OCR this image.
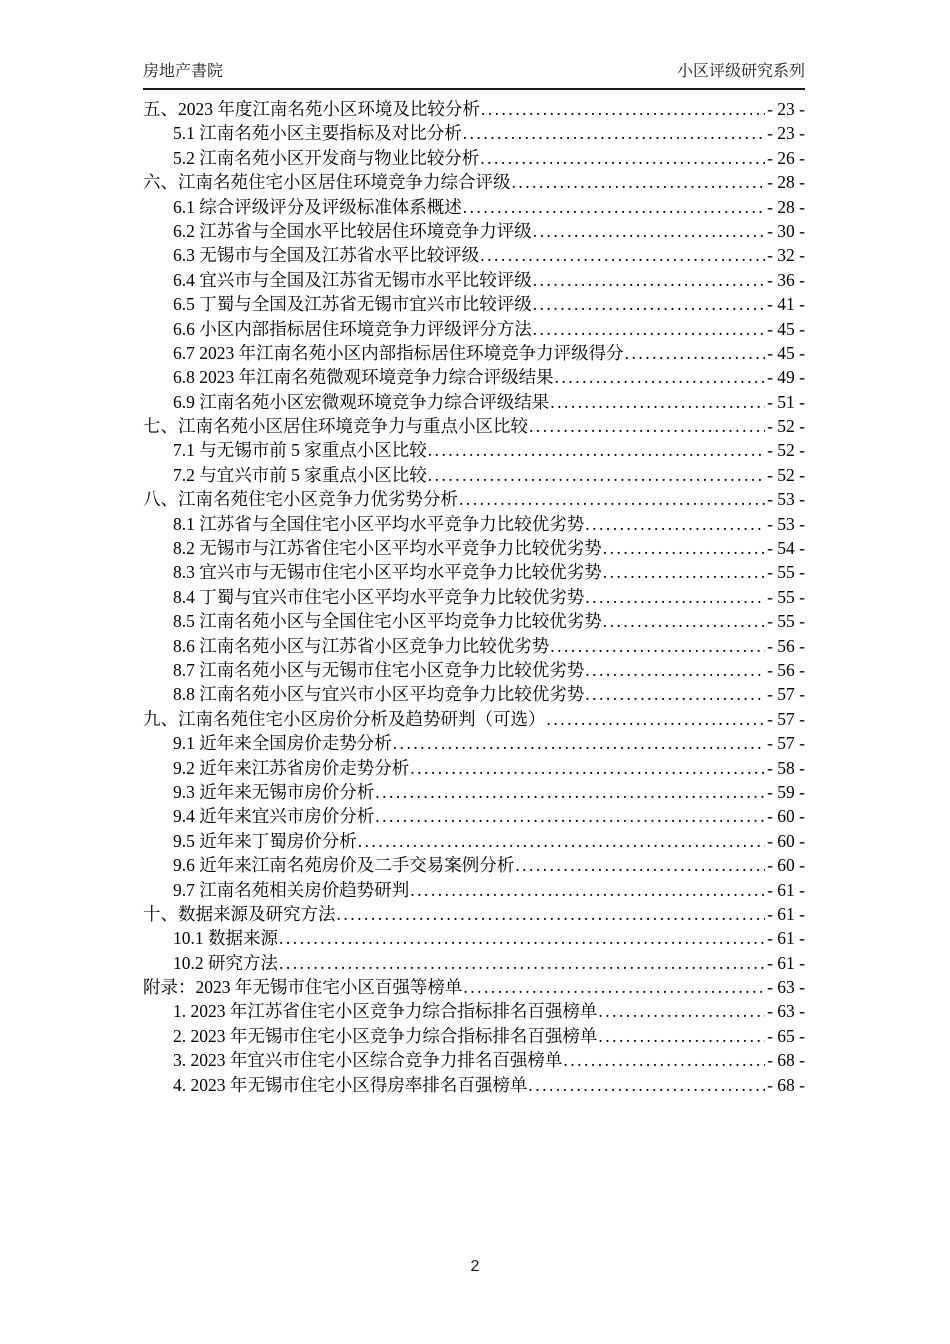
房地产書院	小区评级研究系列
五、2023 年度江南名苑小区环境及比较分析 .....	- 23 -
5.1 江南名苑小区主要指标及对比分析 .....	- 23 -
5.2 江南名苑小区开发商与物业比较分析 .....	- 26 -
六、江南名苑住宅小区居住环境竞争力综合评级 .....	- 28 -
6.1 综合评级评分及评级标准体系概述 .....	- 28 -
6.2 江苏省与全国水平比较居住环境竞争力评级 .....	- 30 -
6.3 无锡市与全国及江苏省水平比较评级 .....	- 32 -
6.4 宜兴市与全国及江苏省无锡市水平比较评级 .....	- 36 -
6.5 丁蜀与全国及江苏省无锡市宜兴市比较评级 .....	- 41 -
6.6 小区内部指标居住环境竞争力评级评分方法 .....	- 45 -
6.7 2023 年江南名苑小区内部指标居住环境竞争力评级得分 .....	- 45 -
6.8 2023 年江南名苑微观环境竞争力综合评级结果 .....	- 49 -
6.9 江南名苑小区宏微观环境竞争力综合评级结果 .....	- 51 -
七、江南名苑小区居住环境竞争力与重点小区比较 .....	- 52 -
7.1 与无锡市前 5 家重点小区比较 .....	- 52 -
7.2 与宜兴市前 5 家重点小区比较 .....	- 52 -
八、江南名苑住宅小区竞争力优劣势分析 .....	- 53 -
8.1 江苏省与全国住宅小区平均水平竞争力比较优劣势 .....	- 53 -
8.2 无锡市与江苏省住宅小区平均水平竞争力比较优劣势 .....	- 54 -
8.3 宜兴市与无锡市住宅小区平均水平竞争力比较优劣势 .....	- 55 -
8.4 丁蜀与宜兴市住宅小区平均水平竞争力比较优劣势 .....	- 55 -
8.5 江南名苑小区与全国住宅小区平均竞争力比较优劣势 .....	- 55 -
8.6 江南名苑小区与江苏省小区竞争力比较优劣势 .....	- 56 -
8.7 江南名苑小区与无锡市住宅小区竞争力比较优劣势 .....	- 56 -
8.8 江南名苑小区与宜兴市小区平均竞争力比较优劣势 .....	- 57 -
九、江南名苑住宅小区房价分析及趋势研判（可选） .....	- 57 -
9.1 近年来全国房价走势分析 .....	- 57 -
9.2 近年来江苏省房价走势分析 .....	- 58 -
9.3 近年来无锡市房价分析 .....	- 59 -
9.4 近年来宜兴市房价分析 .....	- 60 -
9.5 近年来丁蜀房价分析 .....	- 60 -
9.6 近年来江南名苑房价及二手交易案例分析 .....	- 60 -
9.7 江南名苑相关房价趋势研判 .....	- 61 -
十、数据来源及研究方法 .....	- 61 -
10.1 数据来源 .....	- 61 -
10.2 研究方法 .....	- 61 -
附录：2023 年无锡市住宅小区百强等榜单 .....	- 63 -
1. 2023 年江苏省住宅小区竞争力综合指标排名百强榜单 .....	- 63 -
2. 2023 年无锡市住宅小区竞争力综合指标排名百强榜单 .....	- 65 -
3. 2023 年宜兴市住宅小区综合竞争力排名百强榜单 .....	- 68 -
4. 2023 年无锡市住宅小区得房率排名百强榜单 .....	- 68 -
2
